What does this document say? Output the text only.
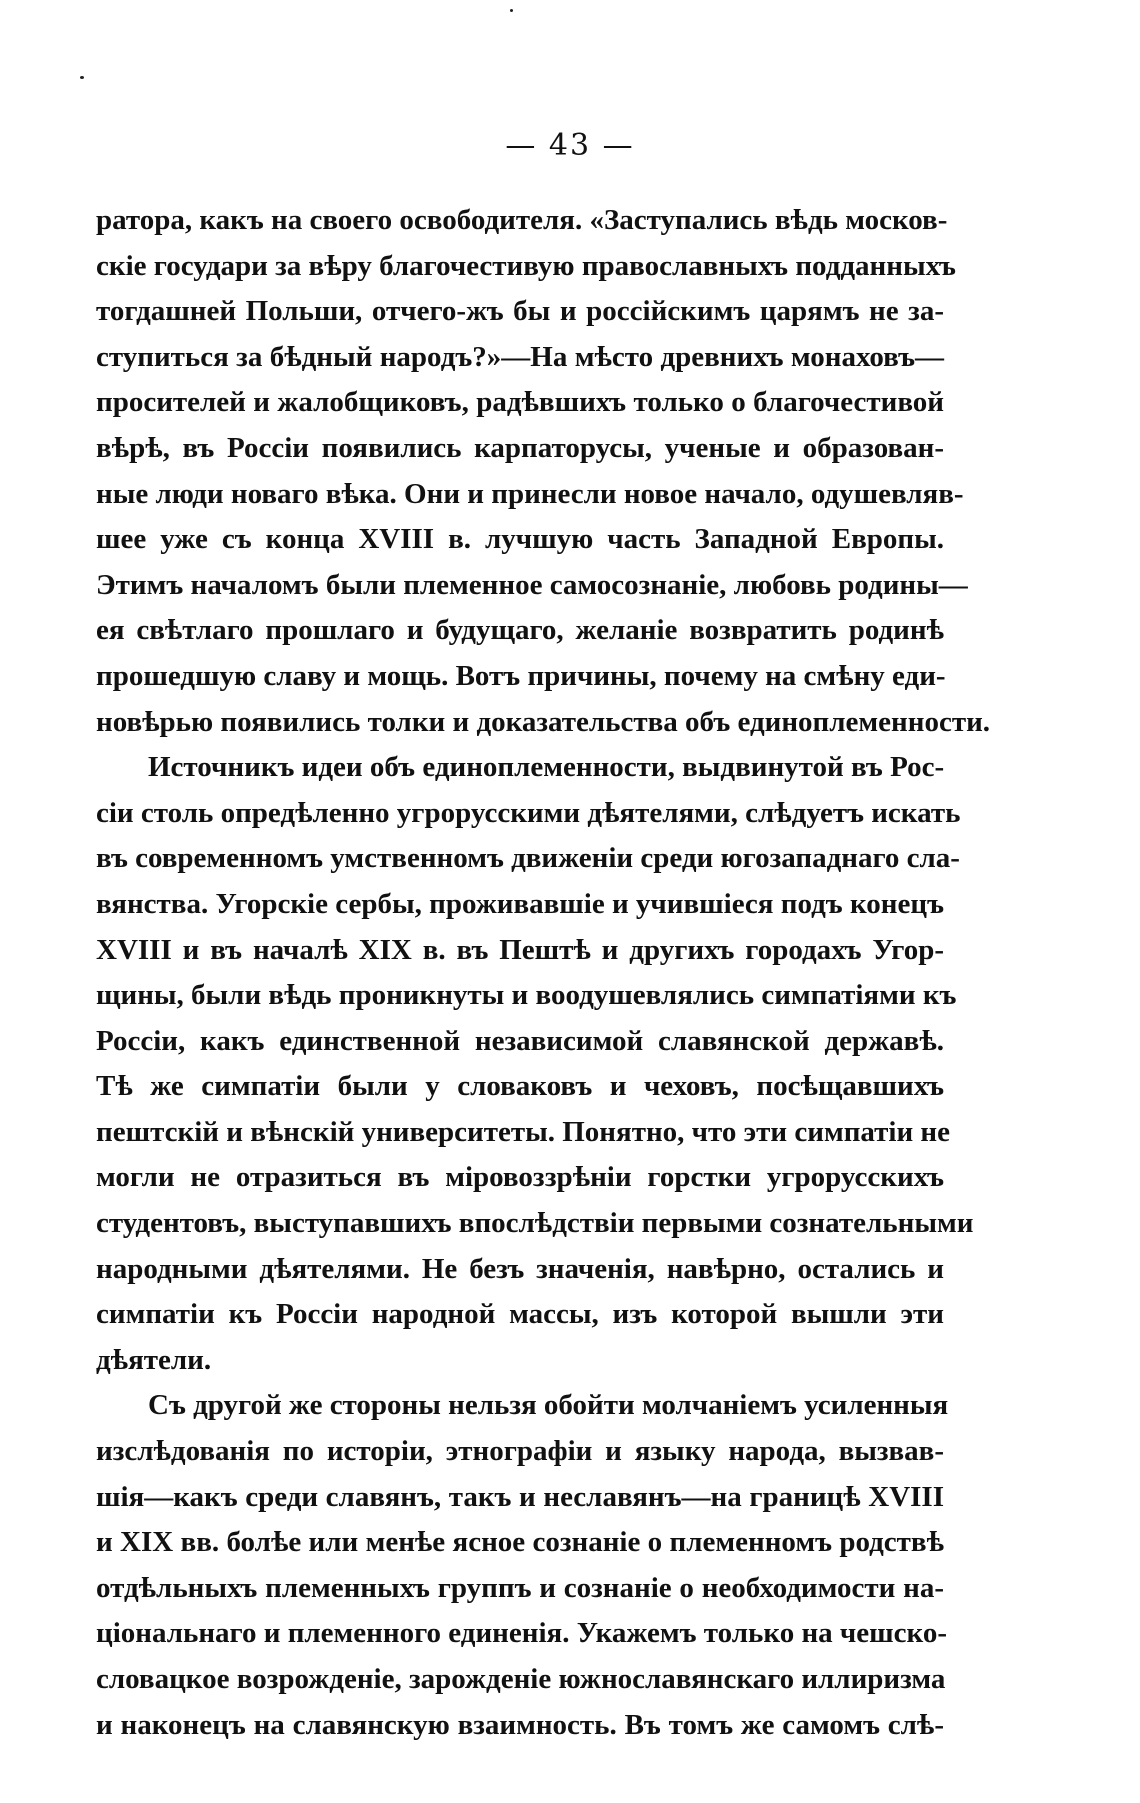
— 43 —
ратора, какъ на своего освободителя. «Заступались вѣдь москов-
скіе государи за вѣру благочестивую православныхъ подданныхъ
тогдашней Польши, отчего-жъ бы и россійскимъ царямъ не за-
ступиться за бѣдный народъ?»—На мѣсто древнихъ монаховъ—
просителей и жалобщиковъ, радѣвшихъ только о благочестивой
вѣрѣ, въ Россіи появились карпаторусы, ученые и образован-
ные люди новаго вѣка. Они и принесли новое начало, одушевляв-
шее уже съ конца XVIII в. лучшую часть Западной Европы.
Этимъ началомъ были племенное самосознаніе, любовь родины—
ея свѣтлаго прошлаго и будущаго, желаніе возвратить родинѣ
прошедшую славу и мощь. Вотъ причины, почему на смѣну еди-
новѣрью появились толки и доказательства объ единоплеменности.
Источникъ идеи объ единоплеменности, выдвинутой въ Рос-
сіи столь опредѣленно угрорусскими дѣятелями, слѣдуетъ искать
въ современномъ умственномъ движеніи среди югозападнаго сла-
вянства. Угорскіе сербы, проживавшіе и учившіеся подъ конецъ
XVIII и въ началѣ XIX в. въ Пештѣ и другихъ городахъ Угор-
щины, были вѣдь проникнуты и воодушевлялись симпатіями къ
Россіи, какъ единственной независимой славянской державѣ.
Тѣ же симпатіи были у словаковъ и чеховъ, посѣщавшихъ
пештскій и вѣнскій университеты. Понятно, что эти симпатіи не
могли не отразиться въ міровоззрѣніи горстки угрорусскихъ
студентовъ, выступавшихъ впослѣдствіи первыми сознательными
народными дѣятелями. Не безъ значенія, навѣрно, остались и
симпатіи къ Россіи народной массы, изъ которой вышли эти
дѣятели.
Съ другой же стороны нельзя обойти молчаніемъ усиленныя
изслѣдованія по исторіи, этнографіи и языку народа, вызвав-
шія—какъ среди славянъ, такъ и неславянъ—на границѣ XVIII
и XIX вв. болѣе или менѣе ясное сознаніе о племенномъ родствѣ
отдѣльныхъ племенныхъ группъ и сознаніе о необходимости на-
ціональнаго и племенного единенія. Укажемъ только на чешско-
словацкое возрожденіе, зарожденіе южнославянскаго иллиризма
и наконецъ на славянскую взаимность. Въ томъ же самомъ слѣ-
